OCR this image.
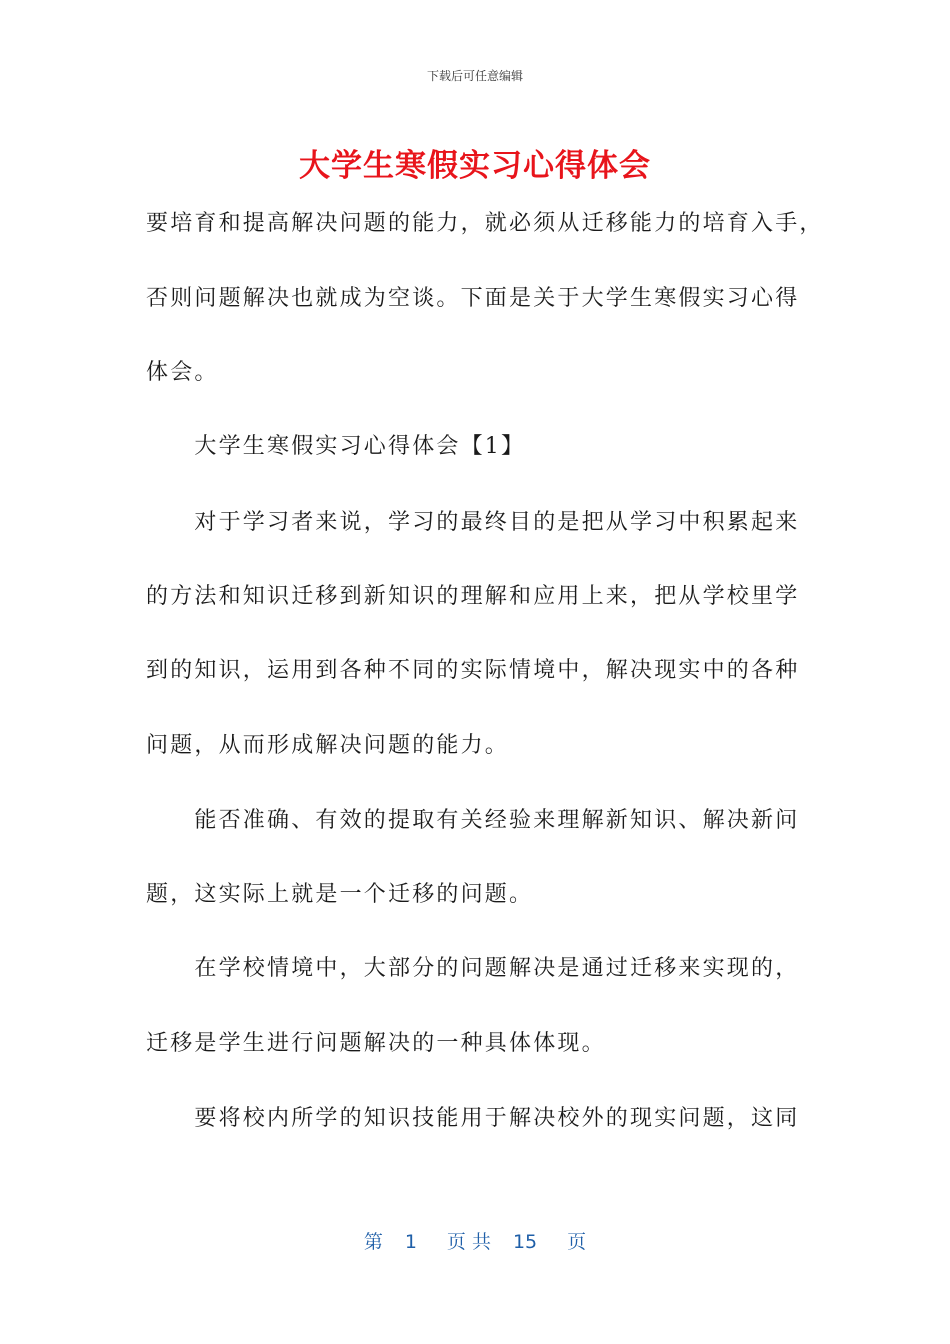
下载后可任意编辑
大学生寒假实习心得体会
要培育和提高解决问题的能力，就必须从迁移能力的培育入手，
否则问题解决也就成为空谈。下面是关于大学生寒假实习心得
体会。
　　大学生寒假实习心得体会【1】
　　对于学习者来说，学习的最终目的是把从学习中积累起来
的方法和知识迁移到新知识的理解和应用上来，把从学校里学
到的知识，运用到各种不同的实际情境中，解决现实中的各种
问题，从而形成解决问题的能力。
　　能否准确、有效的提取有关经验来理解新知识、解决新问
题，这实际上就是一个迁移的问题。
　　在学校情境中，大部分的问题解决是通过迁移来实现的，
迁移是学生进行问题解决的一种具体体现。
　　要将校内所学的知识技能用于解决校外的现实问题，这同
第 1 页 共 15 页
